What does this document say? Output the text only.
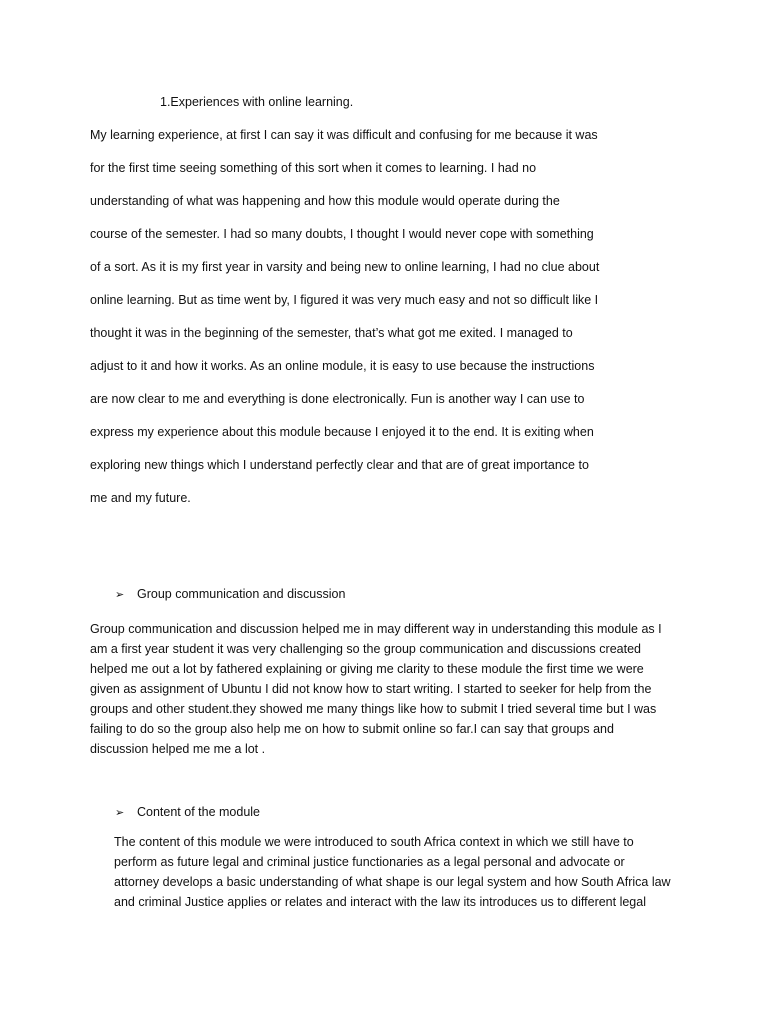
1.Experiences with online learning.
My learning experience, at first I can say it was difficult and confusing for me because it was
for the first time seeing something of this sort when it comes to learning. I had no
understanding of what was happening and how this module would operate during the
course of the semester. I had so many doubts, I thought I would never cope with something
of a sort. As it is my first year in varsity and being new to online learning, I had no clue about
online learning. But as time went by, I figured it was very much easy and not so difficult like I
thought it was in the beginning of the semester, that’s what got me exited. I managed to
adjust to it and how it works. As an online module, it is easy to use because the instructions
are now clear to me and everything is done electronically. Fun is another way I can use to
express my experience about this module because I enjoyed it to the end. It is exiting when
exploring new things which I understand perfectly clear and that are of great importance to
me and my future.
➢ Group communication and discussion
Group communication and discussion helped me in may different way in understanding this module as I
am a first year student it was very challenging so the group communication and discussions created
helped me out a lot by fathered explaining or giving me clarity to these module the first time we were
given as assignment of Ubuntu I did not know how to start writing. I started to seeker for help from the
groups and other student.they showed me many things like how to submit I tried several time but I was
failing to do so the group also help me on how to submit online so far.I can say that groups and
discussion helped me me a lot .
➢ Content of the module
The content of this module we were introduced to south Africa context in which we still have to
perform as future legal and criminal justice functionaries as a legal personal and advocate or
attorney develops a basic understanding of what shape is our legal system and how South Africa law
and criminal Justice applies or relates and interact with the law its introduces us to different legal
